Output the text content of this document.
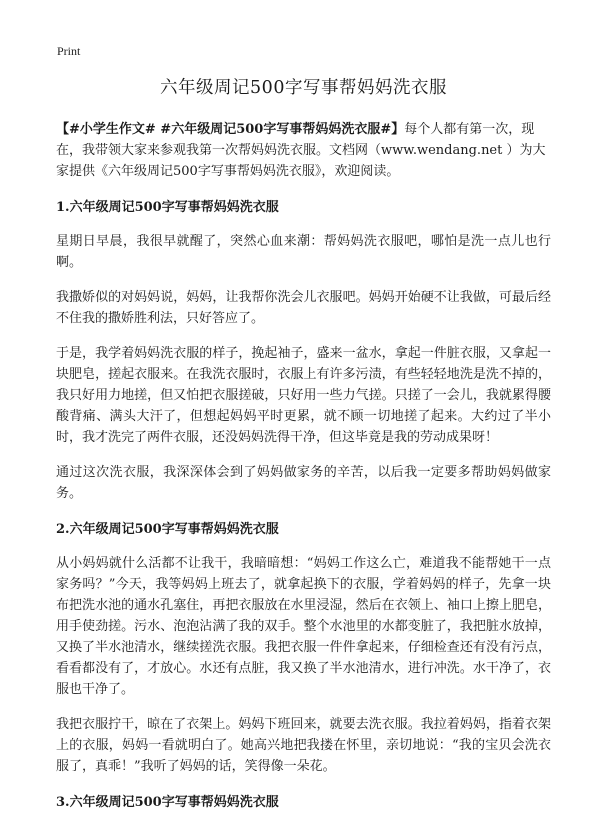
Print
六年级周记500字写事帮妈妈洗衣服

【#小学生作文# #六年级周记500字写事帮妈妈洗衣服#】每个人都有第一次，现在，我带领大家来参观我第一次帮妈妈洗衣服。文档网（www.wendang.net ）为大家提供《六年级周记500字写事帮妈妈洗衣服》，欢迎阅读。

1.六年级周记500字写事帮妈妈洗衣服

星期日早晨，我很早就醒了，突然心血来潮：帮妈妈洗衣服吧，哪怕是洗一点儿也行啊。

我撒娇似的对妈妈说，妈妈，让我帮你洗会儿衣服吧。妈妈开始硬不让我做，可最后经不住我的撒娇胜利法，只好答应了。

于是，我学着妈妈洗衣服的样子，挽起袖子，盛来一盆水，拿起一件脏衣服，又拿起一块肥皂，搓起衣服来。在我洗衣服时，衣服上有许多污渍，有些轻轻地洗是洗不掉的，我只好用力地搓，但又怕把衣服搓破，只好用一些力气搓。只搓了一会儿，我就累得腰酸背痛、满头大汗了，但想起妈妈平时更累，就不顾一切地搓了起来。大约过了半小时，我才洗完了两件衣服，还没妈妈洗得干净，但这毕竟是我的劳动成果呀！

通过这次洗衣服，我深深体会到了妈妈做家务的辛苦，以后我一定要多帮助妈妈做家务。

2.六年级周记500字写事帮妈妈洗衣服

从小妈妈就什么活都不让我干，我暗暗想：“妈妈工作这么亡，难道我不能帮她干一点家务吗？”今天，我等妈妈上班去了，就拿起换下的衣服，学着妈妈的样子，先拿一块布把洗水池的通水孔塞住，再把衣服放在水里浸湿，然后在衣领上、袖口上擦上肥皂，用手使劲搓。污水、泡泡沾满了我的双手。整个水池里的水都变脏了，我把脏水放掉，又换了半水池清水，继续搓洗衣服。我把衣服一件件拿起来，仔细检查还有没有污点，看看都没有了，才放心。水还有点脏，我又换了半水池清水，进行冲洗。水干净了，衣服也干净了。

我把衣服拧干，晾在了衣架上。妈妈下班回来，就要去洗衣服。我拉着妈妈，指着衣架上的衣服，妈妈一看就明白了。她高兴地把我搂在怀里，亲切地说：“我的宝贝会洗衣服了，真乖！”我听了妈妈的话，笑得像一朵花。

3.六年级周记500字写事帮妈妈洗衣服
